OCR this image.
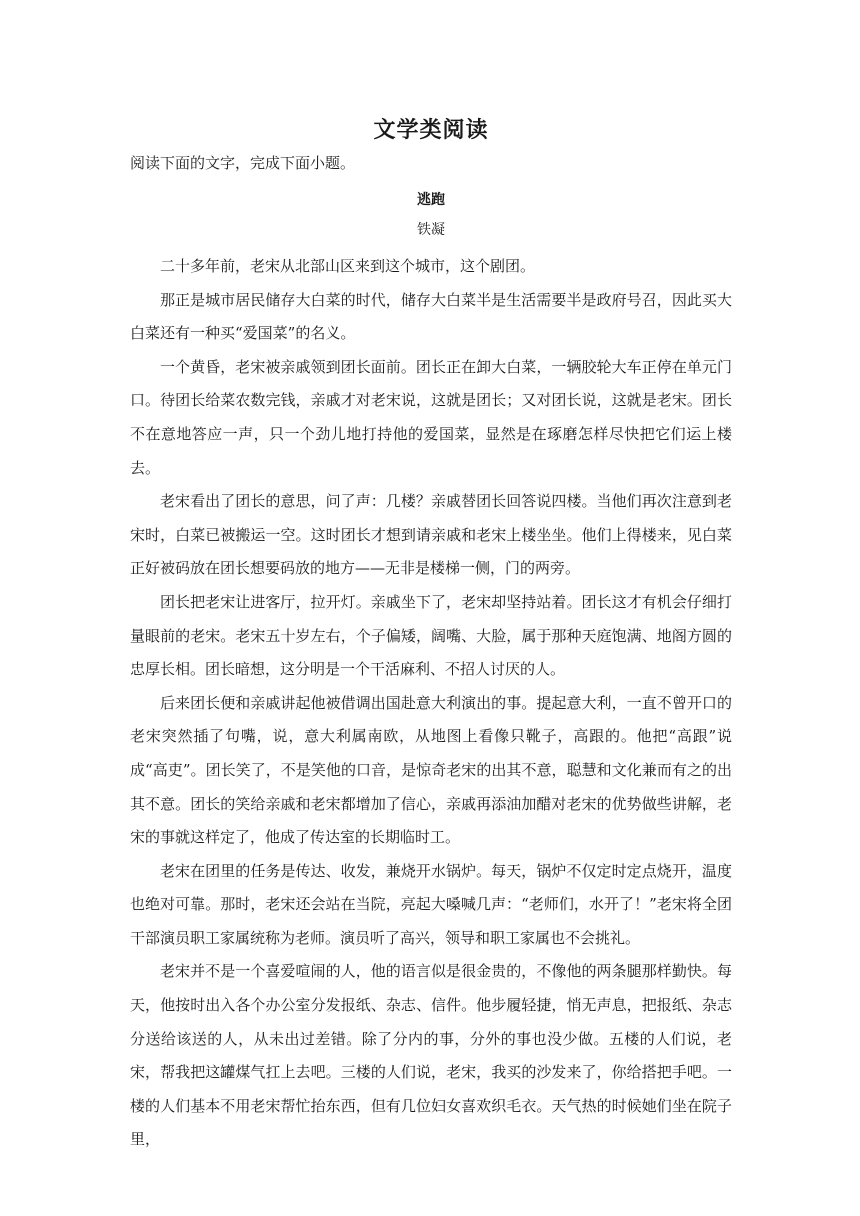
文学类阅读

阅读下面的文字，完成下面小题。

逃跑

铁凝

二十多年前，老宋从北部山区来到这个城市，这个剧团。

那正是城市居民储存大白菜的时代，储存大白菜半是生活需要半是政府号召，因此买大白菜还有一种买“爱国菜”的名义。

一个黄昏，老宋被亲戚领到团长面前。团长正在卸大白菜，一辆胶轮大车正停在单元门口。待团长给菜农数完钱，亲戚才对老宋说，这就是团长；又对团长说，这就是老宋。团长不在意地答应一声，只一个劲儿地打持他的爱国菜，显然是在琢磨怎样尽快把它们运上楼去。

老宋看出了团长的意思，问了声：几楼？亲戚替团长回答说四楼。当他们再次注意到老宋时，白菜已被搬运一空。这时团长才想到请亲戚和老宋上楼坐坐。他们上得楼来，见白菜正好被码放在团长想要码放的地方——无非是楼梯一侧，门的两旁。

团长把老宋让进客厅，拉开灯。亲戚坐下了，老宋却坚持站着。团长这才有机会仔细打量眼前的老宋。老宋五十岁左右，个子偏矮，阔嘴、大脸，属于那种天庭饱满、地阁方圆的忠厚长相。团长暗想，这分明是一个干活麻利、不招人讨厌的人。

后来团长便和亲戚讲起他被借调出国赴意大利演出的事。提起意大利，一直不曾开口的老宋突然插了句嘴，说，意大利属南欧，从地图上看像只靴子，高跟的。他把“高跟”说成“高吏”。团长笑了，不是笑他的口音，是惊奇老宋的出其不意，聪慧和文化兼而有之的出其不意。团长的笑给亲戚和老宋都增加了信心，亲戚再添油加醋对老宋的优势做些讲解，老宋的事就这样定了，他成了传达室的长期临时工。

老宋在团里的任务是传达、收发，兼烧开水锅炉。每天，锅炉不仅定时定点烧开，温度也绝对可靠。那时，老宋还会站在当院，亮起大嗓喊几声：“老师们，水开了！”老宋将全团干部演员职工家属统称为老师。演员听了高兴，领导和职工家属也不会挑礼。

老宋并不是一个喜爱喧闹的人，他的语言似是很金贵的，不像他的两条腿那样勤快。每天，他按时出入各个办公室分发报纸、杂志、信件。他步履轻捷，悄无声息，把报纸、杂志分送给该送的人，从未出过差错。除了分内的事，分外的事也没少做。五楼的人们说，老宋，帮我把这罐煤气扛上去吧。三楼的人们说，老宋，我买的沙发来了，你给搭把手吧。一楼的人们基本不用老宋帮忙抬东西，但有几位妇女喜欢织毛衣。天气热的时候她们坐在院子里，
